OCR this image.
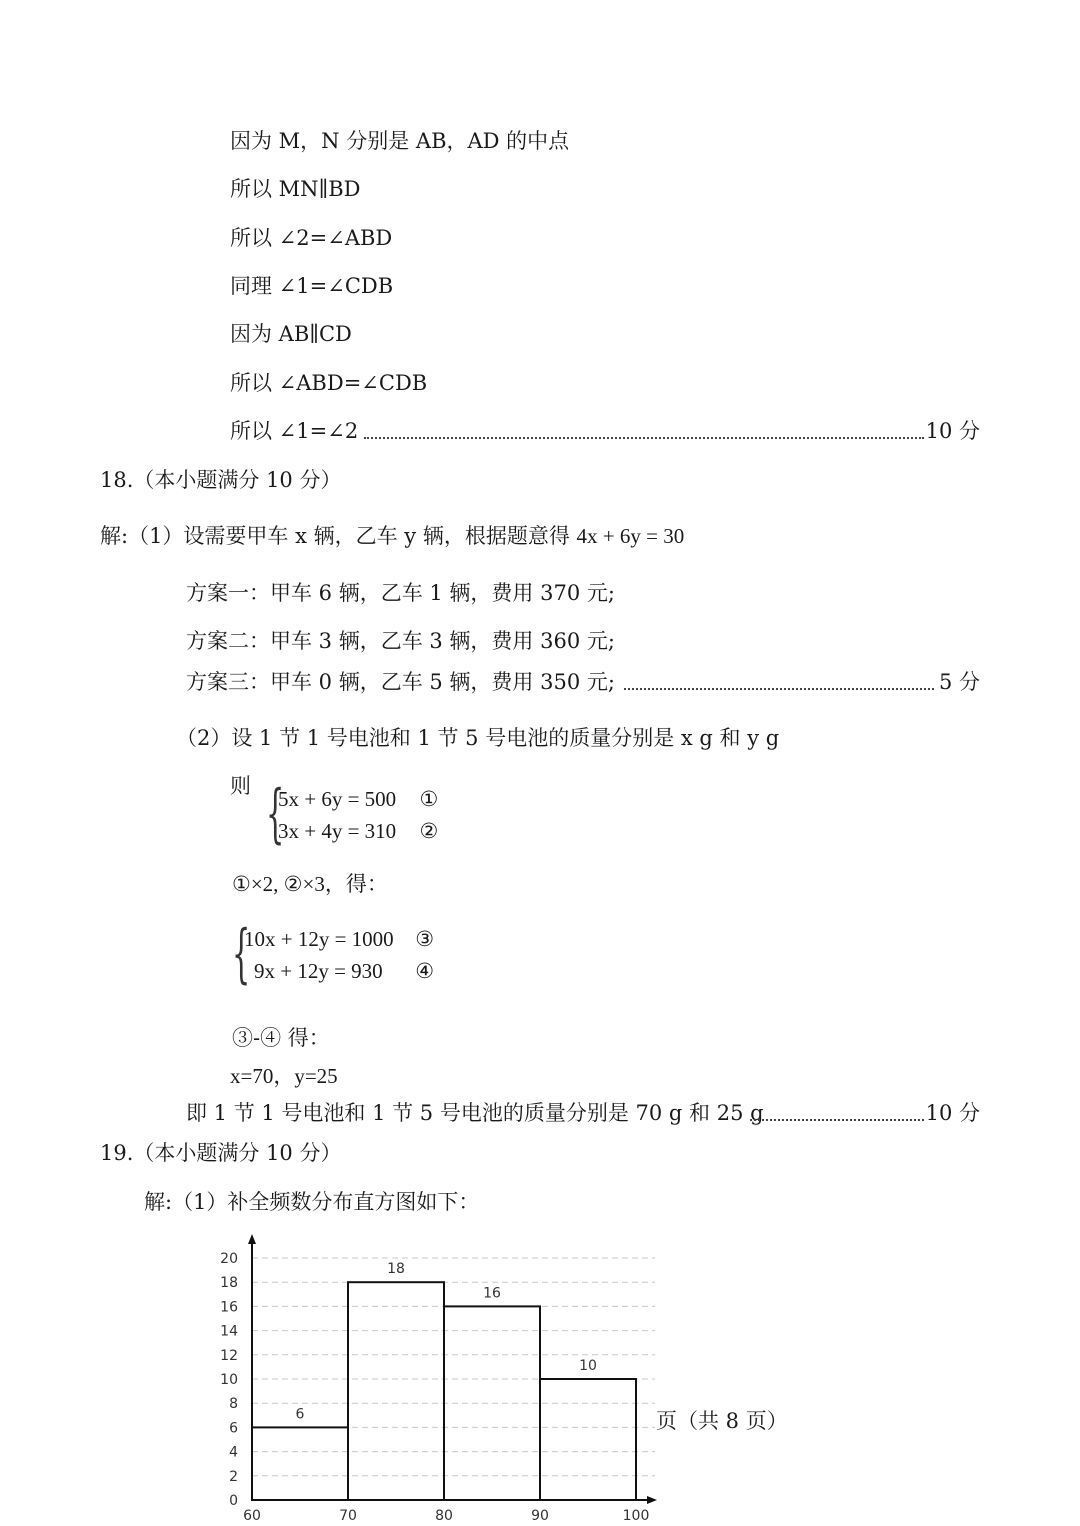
因为 M，N 分别是 AB，AD 的中点
所以 MN∥BD
所以 ∠2=∠ABD
同理 ∠1=∠CDB
因为 AB∥CD
所以 ∠ABD=∠CDB
所以 ∠1=∠2	10 分
18.（本小题满分 10 分）
解:（1）设需要甲车 x 辆，乙车 y 辆，根据题意得 4x + 6y = 30
方案一：甲车 6 辆，乙车 1 辆，费用 370 元;
方案二：甲车 3 辆，乙车 3 辆，费用 360 元;
方案三：甲车 0 辆，乙车 5 辆，费用 350 元;	5 分
（2）设 1 节 1 号电池和 1 节 5 号电池的质量分别是 x g 和 y g
则 {
5x + 6y = 500 ①
3x + 4y = 310 ②
①×2, ②×3，得：
{
10x + 12y = 1000 ③
9x + 12y = 930 ④
③-④ 得：
x=70，y=25
即 1 节 1 号电池和 1 节 5 号电池的质量分别是 70 g 和 25 g	10 分
19.（本小题满分 10 分）
解:（1）补全频数分布直方图如下：
6
18
16
10
0
2
4
6
8
10
12
14
16
18
20
60	70	80	90	100
页（共 8 页）
